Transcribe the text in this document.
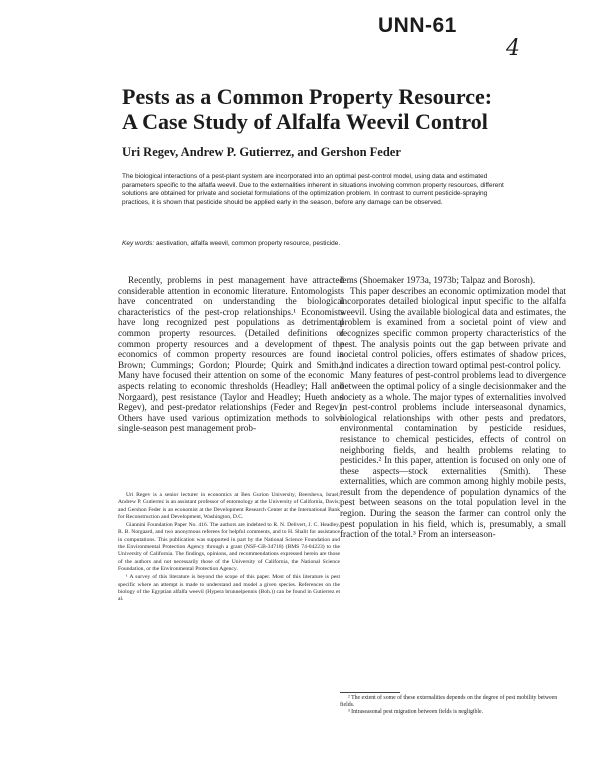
UNN-61
4
Pests as a Common Property Resource:
A Case Study of Alfalfa Weevil Control
Uri Regev, Andrew P. Gutierrez, and Gershon Feder
The biological interactions of a pest-plant system are incorporated into an optimal pest-control model, using data and estimated parameters specific to the alfalfa weevil. Due to the externalities inherent in situations involving common property resources, different solutions are obtained for private and societal formulations of the optimization problem. In contrast to current pesticide-spraying practices, it is shown that pesticide should be applied early in the season, before any damage can be observed.
Key words: aestivation, alfalfa weevil, common property resource, pesticide.

Recently, problems in pest management have attracted considerable attention in economic literature. Entomologists have concentrated on understanding the biological characteristics of the pest-crop relationships.¹ Economists have long recognized pest populations as detrimental common property resources. (Detailed definitions of common property resources and a development of the economics of common property resources are found in Brown; Cummings; Gordon; Plourde; Quirk and Smith.) Many have focused their attention on some of the economic aspects relating to economic thresholds (Headley; Hall and Norgaard), pest resistance (Taylor and Headley; Hueth and Regev), and pest-predator relationships (Feder and Regev). Others have used various optimization methods to solve single-season pest management prob-

lems (Shoemaker 1973a, 1973b; Talpaz and Borosh).

This paper describes an economic optimization model that incorporates detailed biological input specific to the alfalfa weevil. Using the available biological data and estimates, the problem is examined from a societal point of view and recognizes specific common property characteristics of the pest. The analysis points out the gap between private and societal control policies, offers estimates of shadow prices, and indicates a direction toward optimal pest-control policy.

Many features of pest-control problems lead to divergence between the optimal policy of a single decisionmaker and the society as a whole. The major types of externalities involved in pest-control problems include interseasonal dynamics, biological relationships with other pests and predators, environmental contamination by pesticide residues, resistance to chemical pesticides, effects of control on neighboring fields, and health problems relating to pesticides.² In this paper, attention is focused on only one of these aspects—stock externalities (Smith). These externalities, which are common among highly mobile pests, result from the dependence of population dynamics of the pest between seasons on the total population level in the region. During the season the farmer can control only the pest population in his field, which is, presumably, a small fraction of the total.³ From an interseason-

Uri Regev is a senior lecturer in economics at Ben Gurion University, Beersheva, Israel; Andrew P. Gutierrez is an assistant professor of entomology at the University of California, Davis; and Gershon Feder is an economist at the Development Research Center at the International Bank for Reconstruction and Development, Washington, D.C.

Giannini Foundation Paper No. 416. The authors are indebted to R. N. Delivert, J. C. Headley, R. B. Norgaard, and two anonymous referees for helpful comments, and to H. Shalit for assistance in computations. This publication was supported in part by the National Science Foundation and the Environmental Protection Agency through a grant (NSF-GB-34718) (BMS 74-04223) to the University of California. The findings, opinions, and recommendations expressed herein are those of the authors and not necessarily those of the University of California, the National Science Foundation, or the Environmental Protection Agency.

¹ A survey of this literature is beyond the scope of this paper. Most of this literature is pest specific where an attempt is made to understand and model a given species. References on the biology of the Egyptian alfalfa weevil (Hypera brunneipennis (Boh.)) can be found in Gutierrez et al.

² The extent of some of these externalities depends on the degree of pest mobility between fields.

³ Intraseasonal pest migration between fields is negligible.
